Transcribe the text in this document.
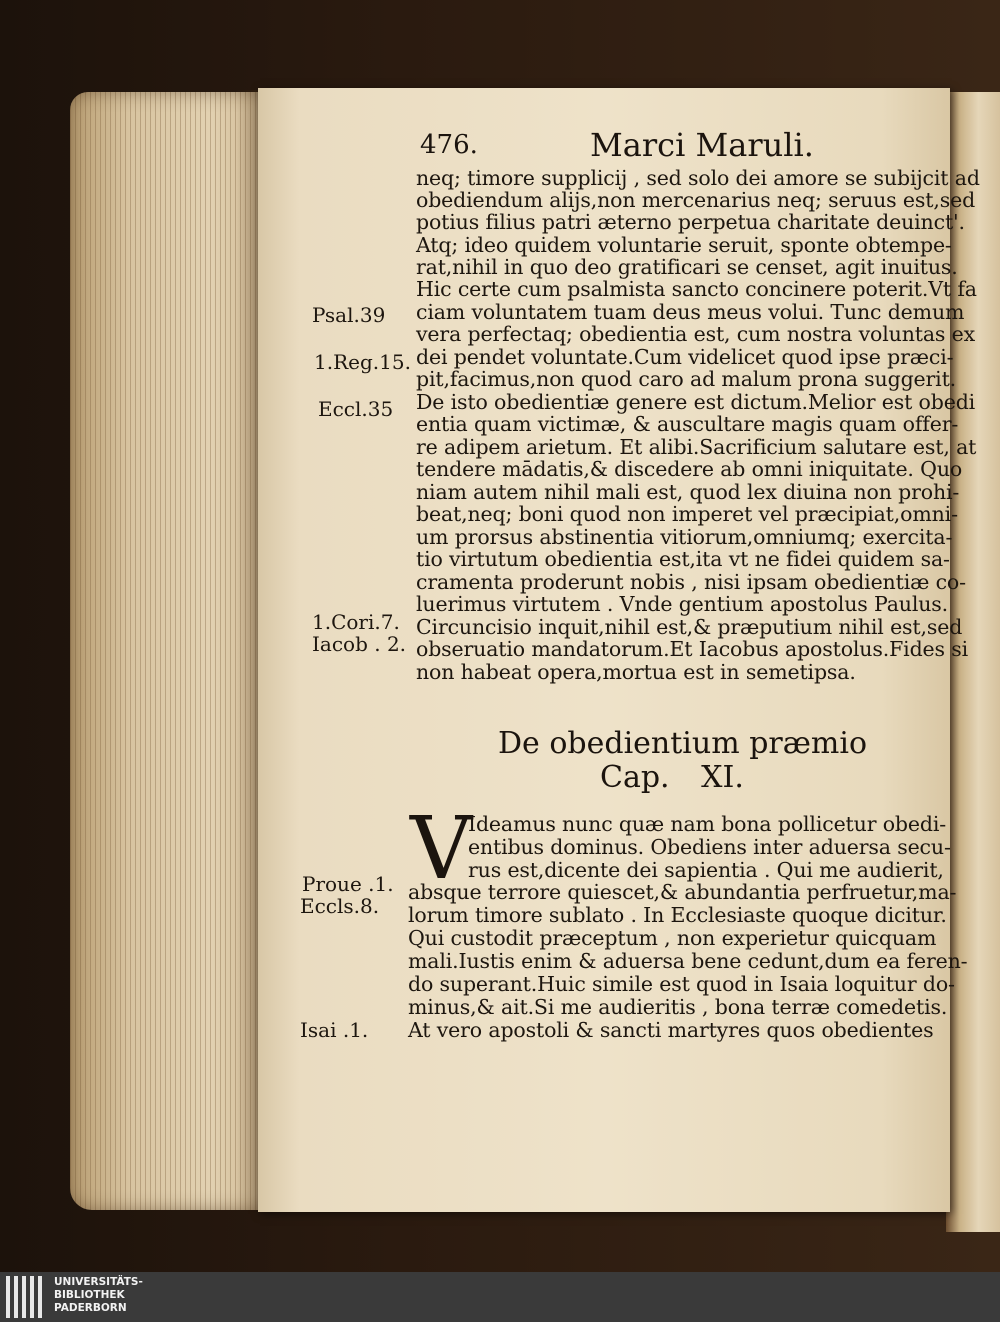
476.	Marci Maruli.
neq; timore supplicij , sed solo dei amore se subijcit ad
obediendum alijs,non mercenarius neq; seruus est,sed
potius filius patri æterno perpetua charitate deuinct'.
Atq; ideo quidem voluntarie seruit, sponte obtempe-
rat,nihil in quo deo gratificari se censet, agit inuitus.
Hic certe cum psalmista sancto concinere poterit.Vt fa
ciam voluntatem tuam deus meus volui. Tunc demum
vera perfectaq; obedientia est, cum nostra voluntas ex
dei pendet voluntate.Cum videlicet quod ipse præci-
pit,facimus,non quod caro ad malum prona suggerit.
De isto obedientiæ genere est dictum.Melior est obedi
entia quam victimæ, & auscultare magis quam offer-
re adipem arietum. Et alibi.Sacrificium salutare est, at
tendere mādatis,& discedere ab omni iniquitate. Quo
niam autem nihil mali est, quod lex diuina non prohi-
beat,neq; boni quod non imperet vel præcipiat,omni-
um prorsus abstinentia vitiorum,omniumq; exercita-
tio virtutum obedientia est,ita vt ne fidei quidem sa-
cramenta proderunt nobis , nisi ipsam obedientiæ co-
luerimus virtutem . Vnde gentium apostolus Paulus.
Circuncisio inquit,nihil est,& præputium nihil est,sed
obseruatio mandatorum.Et Iacobus apostolus.Fides si
non habeat opera,mortua est in semetipsa.
Psal.39
1.Reg.15.
Eccl.35
1.Cori.7.
Iacob . 2.
De obedientium præmio
Cap. XI.
V
Ideamus nunc quæ nam bona pollicetur obedi-
entibus dominus. Obediens inter aduersa secu-
rus est,dicente dei sapientia . Qui me audierit,
absque terrore quiescet,& abundantia perfruetur,ma-
lorum timore sublato . In Ecclesiaste quoque dicitur.
Qui custodit præceptum , non experietur quicquam
mali.Iustis enim & aduersa bene cedunt,dum ea feren-
do superant.Huic simile est quod in Isaia loquitur do-
minus,& ait.Si me audieritis , bona terræ comedetis.
At vero apostoli & sancti martyres quos obedientes
Proue .1.
Eccls.8.
Isai .1.
UNIVERSITÄTS-
BIBLIOTHEK
PADERBORN
